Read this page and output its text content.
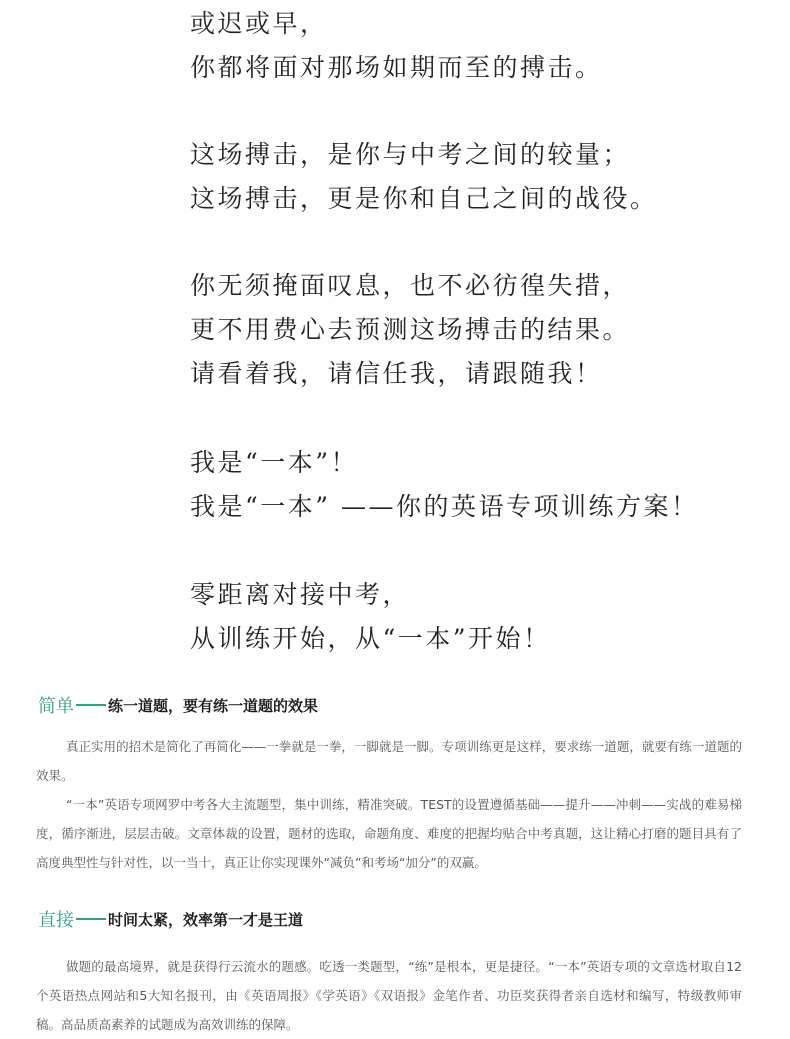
或迟或早，
你都将面对那场如期而至的搏击。
这场搏击，是你与中考之间的较量；
这场搏击，更是你和自己之间的战役。
你无须掩面叹息，也不必彷徨失措，
更不用费心去预测这场搏击的结果。
请看着我，请信任我，请跟随我！
我是“一本”！
我是“一本” ——你的英语专项训练方案！
零距离对接中考，
从训练开始，从“一本”开始！
简单 练一道题，要有练一道题的效果
真正实用的招术是简化了再简化——一拳就是一拳，一脚就是一脚。专项训练更是这样，要求练一道题，就要有练一道题的效果。
“一本”英语专项网罗中考各大主流题型，集中训练，精准突破。TEST的设置遵循基础——提升——冲刺——实战的难易梯度，循序渐进，层层击破。文章体裁的设置，题材的选取，命题角度、难度的把握均贴合中考真题，这让精心打磨的题目具有了高度典型性与针对性，以一当十，真正让你实现课外“减负”和考场“加分”的双赢。
直接 时间太紧，效率第一才是王道
做题的最高境界，就是获得行云流水的题感。吃透一类题型，“练”是根本，更是捷径。“一本”英语专项的文章选材取自12个英语热点网站和5大知名报刊，由《英语周报》《学英语》《双语报》金笔作者、功臣奖获得者亲自选材和编写，特级教师审稿。高品质高素养的试题成为高效训练的保障。
